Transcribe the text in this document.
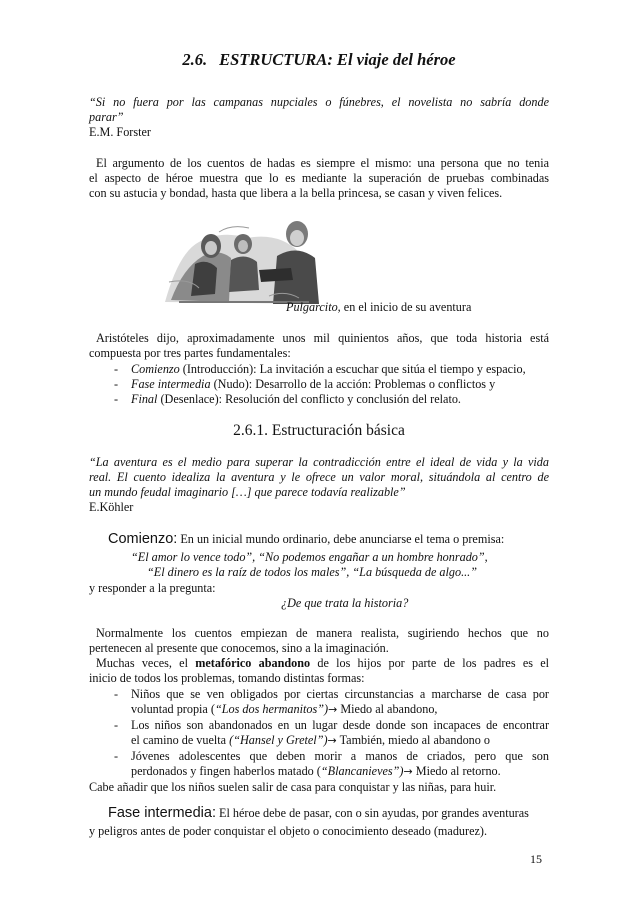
2.6. ESTRUCTURA: El viaje del héroe
“Si no fuera por las campanas nupciales o fúnebres, el novelista no sabría donde
parar”
E.M. Forster
El argumento de los cuentos de hadas es siempre el mismo: una persona que no tenia
el aspecto de héroe muestra que lo es mediante la superación de pruebas combinadas
con su astucia y bondad, hasta que libera a la bella princesa, se casan y viven felices.
Pulgarcito, en el inicio de su aventura
Aristóteles dijo, aproximadamente unos mil quinientos años, que toda historia está
compuesta por tres partes fundamentales:
- Comienzo (Introducción): La invitación a escuchar que sitúa el tiempo y espacio,
- Fase intermedia (Nudo): Desarrollo de la acción: Problemas o conflictos y
- Final (Desenlace): Resolución del conflicto y conclusión del relato.
2.6.1. Estructuración básica
“La aventura es el medio para superar la contradicción entre el ideal de vida y la vida
real. El cuento idealiza la aventura y le ofrece un valor moral, situándola al centro de
un mundo feudal imaginario […] que parece todavía realizable”
E.Köhler
Comienzo: En un inicial mundo ordinario, debe anunciarse el tema o premisa:
“El amor lo vence todo”, “No podemos engañar a un hombre honrado”,
“El dinero es la raíz de todos los males”, “La búsqueda de algo...”
y responder a la pregunta:
¿De que trata la historia?
Normalmente los cuentos empiezan de manera realista, sugiriendo hechos que no
pertenecen al presente que conocemos, sino a la imaginación.
Muchas veces, el metafórico abandono de los hijos por parte de los padres es el
inicio de todos los problemas, tomando distintas formas:
- Niños que se ven obligados por ciertas circunstancias a marcharse de casa por
voluntad propia (“Los dos hermanitos”)→ Miedo al abandono,
- Los niños son abandonados en un lugar desde donde son incapaces de encontrar
el camino de vuelta (“Hansel y Gretel”)→ También, miedo al abandono o
- Jóvenes adolescentes que deben morir a manos de criados, pero que son
perdonados y fingen haberlos matado (“Blancanieves”)→ Miedo al retorno.
Cabe añadir que los niños suelen salir de casa para conquistar y las niñas, para huir.
Fase intermedia: El héroe debe de pasar, con o sin ayudas, por grandes aventuras
y peligros antes de poder conquistar el objeto o conocimiento deseado (madurez).
15
